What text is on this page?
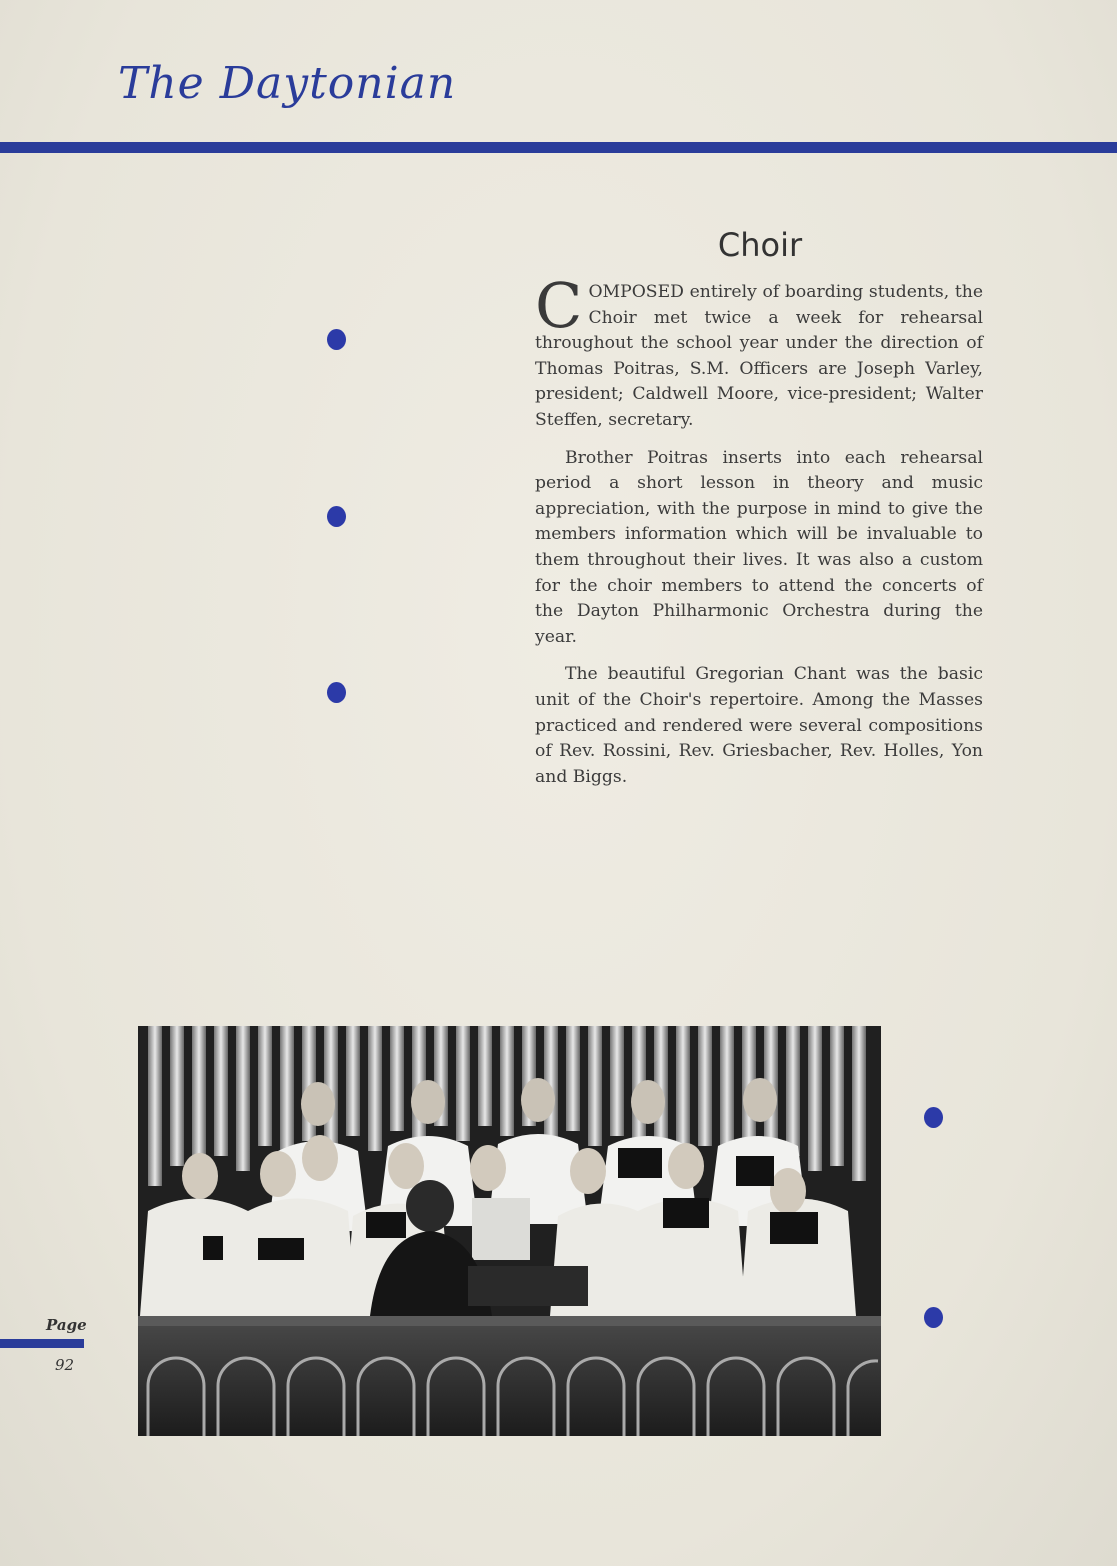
The Daytonian
Choir

COMPOSED entirely of boarding students, the Choir met twice a week for rehearsal throughout the school year under the direction of Thomas Poitras, S.M. Officers are Joseph Varley, president; Caldwell Moore, vice-president; Walter Steffen, secretary.

Brother Poitras inserts into each rehearsal period a short lesson in theory and music appreciation, with the purpose in mind to give the members information which will be invaluable to them throughout their lives. It was also a custom for the choir members to attend the concerts of the Dayton Philharmonic Orchestra during the year.

The beautiful Gregorian Chant was the basic unit of the Choir's repertoire. Among the Masses practiced and rendered were several compositions of Rev. Rossini, Rev. Griesbacher, Rev. Holles, Yon and Biggs.

Page
92
